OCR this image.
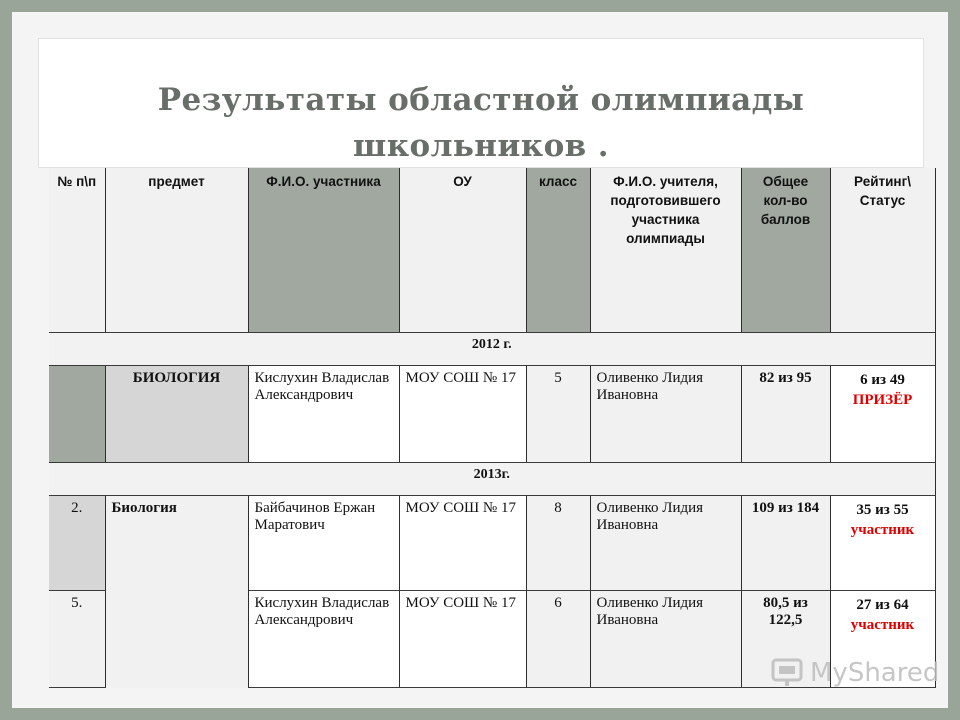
Результаты областной олимпиады
школьников .
№ п\п	предмет	Ф.И.О. участника	ОУ	класс	Ф.И.О. учителя, подготовившего участника олимпиады	Общее кол-во баллов	Рейтинг\ Статус
2012 г.							
	БИОЛОГИЯ	Кислухин Владислав Александрович	МОУ СОШ № 17	5	Оливенко Лидия Ивановна	82 из 95	6 из 49
ПРИЗЁР

2013г.							
2.	Биология	Байбачинов Ержан Маратович	МОУ СОШ № 17	8	Оливенко Лидия Ивановна	109 из 184	35 из 55
участник

5.		Кислухин Владислав Александрович	МОУ СОШ № 17	6	Оливенко Лидия Ивановна	80,5 из 122,5	27 из 64
участник
MyShared
